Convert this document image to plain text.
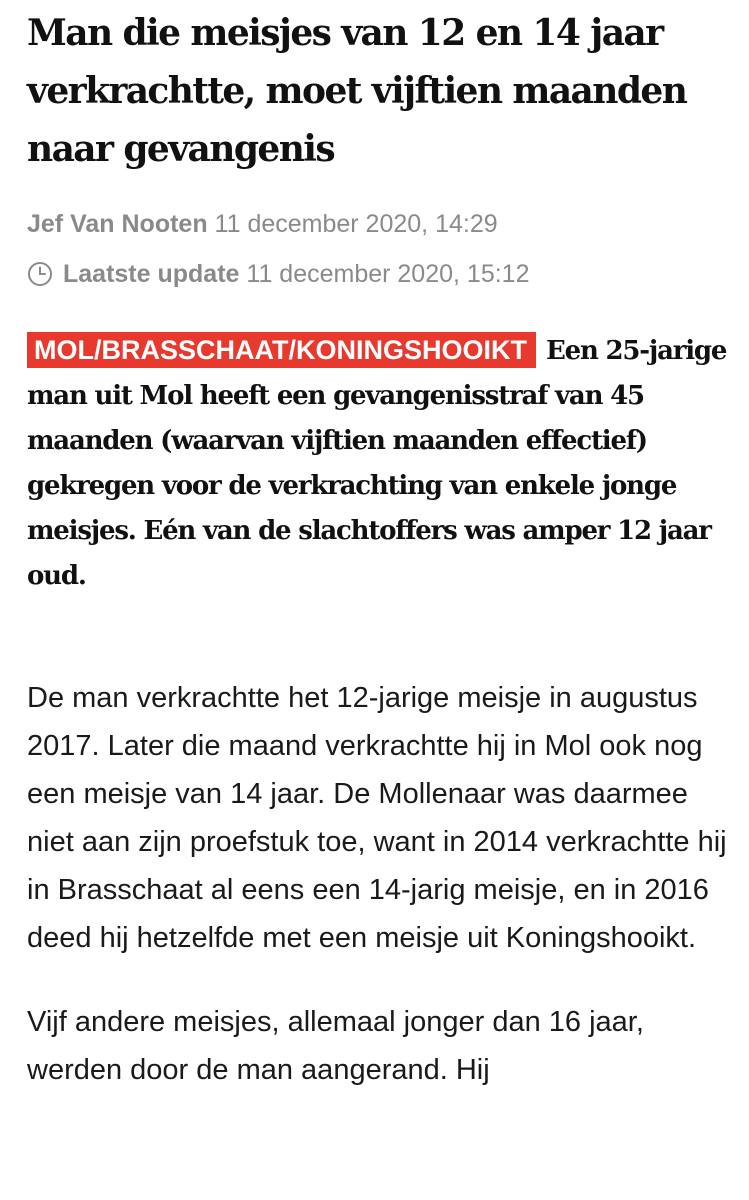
Man die meisjes van 12 en 14 jaar verkrachtte, moet vijftien maanden naar gevangenis
Jef Van Nooten 11 december 2020, 14:29
Laatste update
11 december 2020, 15:12

MOL/BRASSCHAAT/KONINGSHOOIKT Een 25-jarige man uit Mol heeft een gevangenisstraf van 45 maanden (waarvan vijftien maanden effectief) gekregen voor de verkrachting van enkele jonge meisjes. Eén van de slachtoffers was amper 12 jaar oud.

De man verkrachtte het 12-jarige meisje in augustus 2017. Later die maand verkrachtte hij in Mol ook nog een meisje van 14 jaar. De Mollenaar was daarmee niet aan zijn proefstuk toe, want in 2014 verkrachtte hij in Brasschaat al eens een 14-jarig meisje, en in 2016 deed hij hetzelfde met een meisje uit Koningshooikt.

Vijf andere meisjes, allemaal jonger dan 16 jaar, werden door de man aangerand. Hij
